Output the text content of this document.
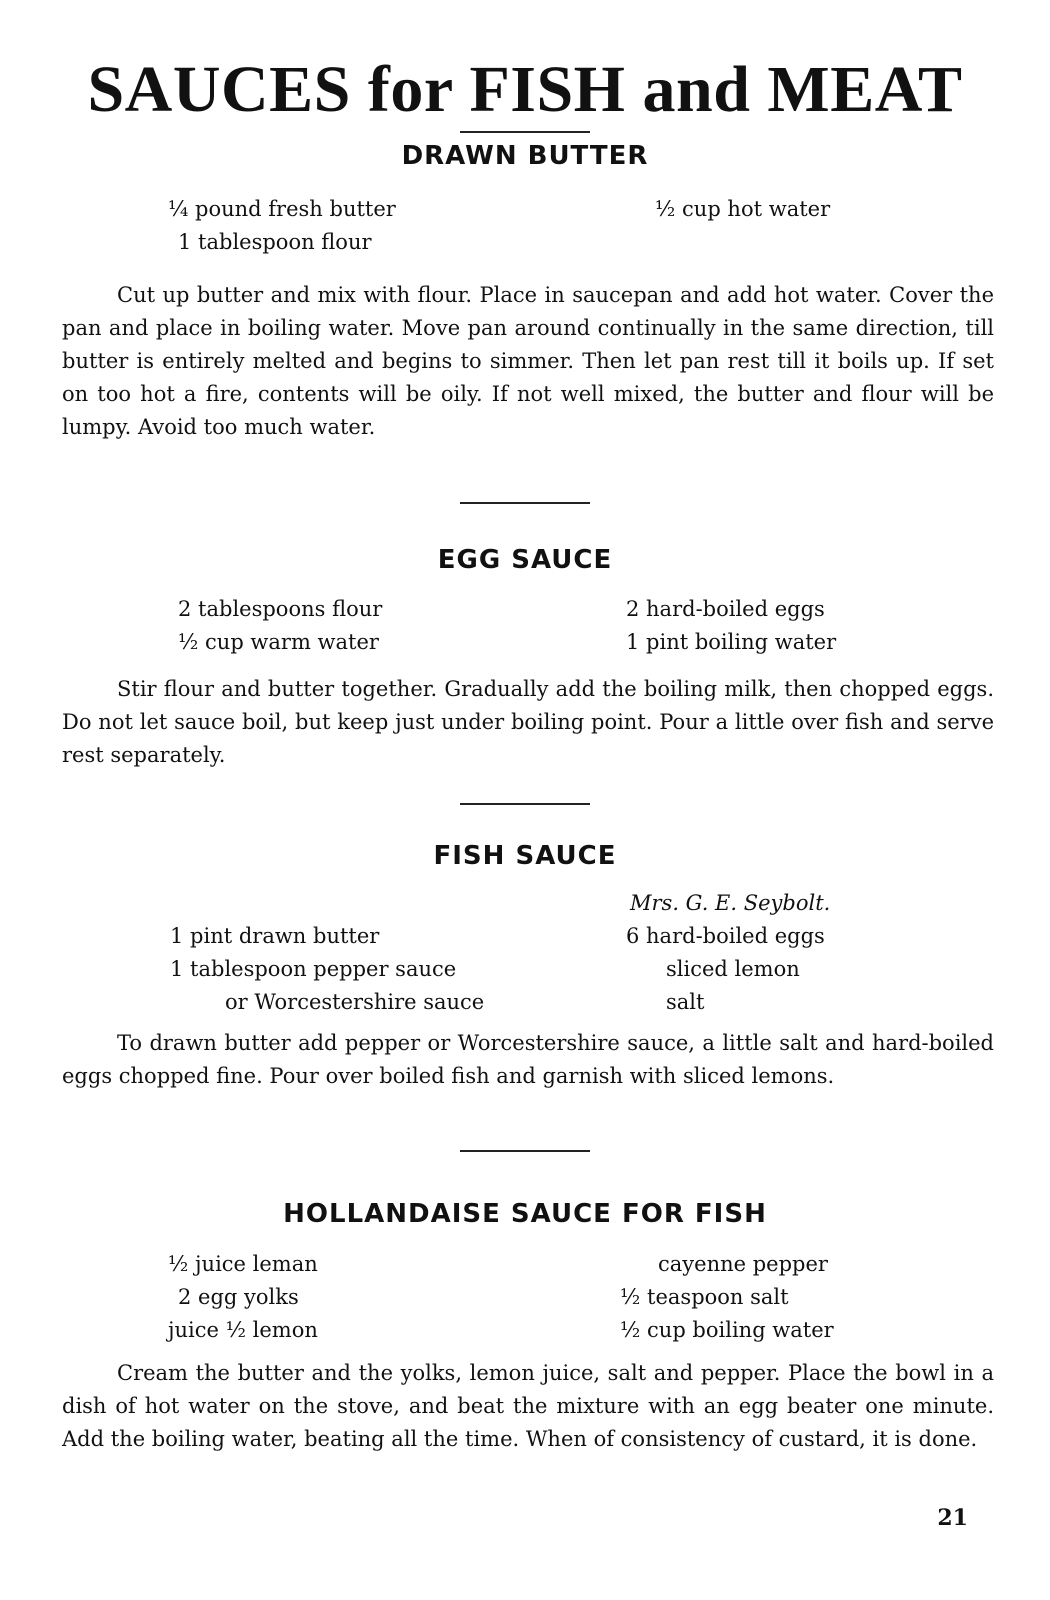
SAUCES for FISH and MEAT
DRAWN BUTTER
¼ pound fresh butter
1 tablespoon flour
½ cup hot water

Cut up butter and mix with flour. Place in saucepan and add hot water. Cover the pan and place in boiling water. Move pan around continually in the same direction, till butter is entirely melted and begins to simmer. Then let pan rest till it boils up. If set on too hot a fire, contents will be oily. If not well mixed, the butter and flour will be lumpy. Avoid too much water.

EGG SAUCE
2 tablespoons flour
½ cup warm water
2 hard-boiled eggs
1 pint boiling water

Stir flour and butter together. Gradually add the boiling milk, then chopped eggs. Do not let sauce boil, but keep just under boiling point. Pour a little over fish and serve rest separately.

FISH SAUCE
Mrs. G. E. Seybolt.
1 pint drawn butter
1 tablespoon pepper sauce
or Worcestershire sauce
6 hard-boiled eggs
sliced lemon
salt

To drawn butter add pepper or Worcestershire sauce, a little salt and hard-boiled eggs chopped fine. Pour over boiled fish and garnish with sliced lemons.

HOLLANDAISE SAUCE FOR FISH
½ juice leman
2 egg yolks
juice ½ lemon
cayenne pepper
½ teaspoon salt
½ cup boiling water

Cream the butter and the yolks, lemon juice, salt and pepper. Place the bowl in a dish of hot water on the stove, and beat the mixture with an egg beater one minute. Add the boiling water, beating all the time. When of consistency of custard, it is done.

21
